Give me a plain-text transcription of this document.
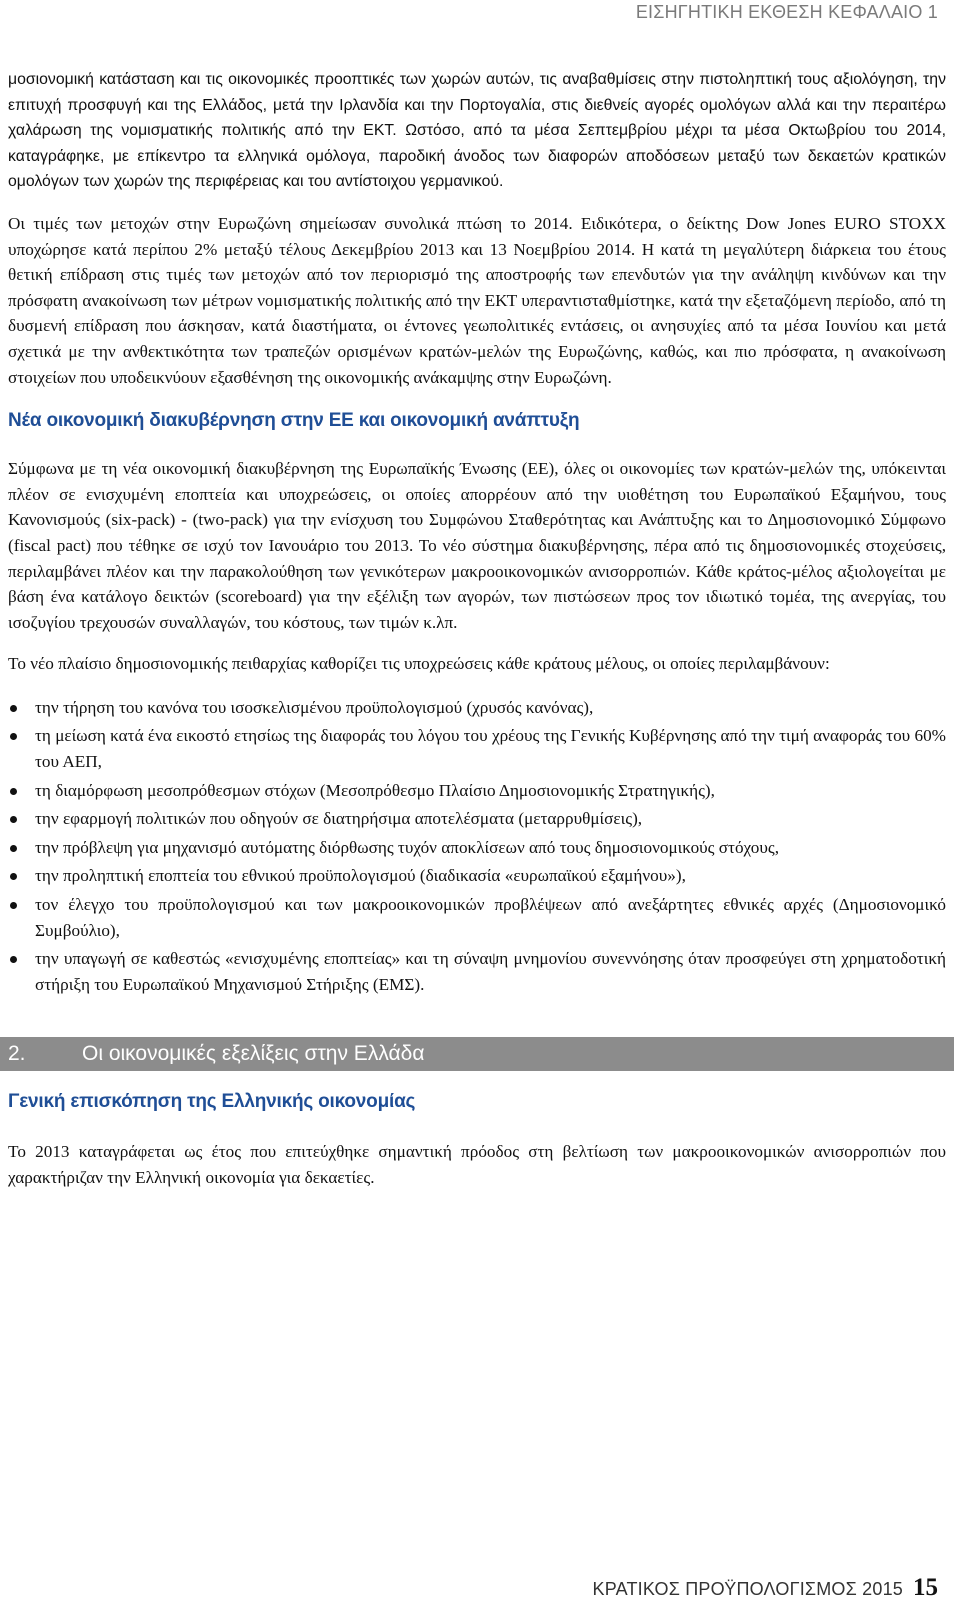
ΕΙΣΗΓΗΤΙΚΗ ΕΚΘΕΣΗ ΚΕΦΑΛΑΙΟ 1

μοσιονομική κατάσταση και τις οικονομικές προοπτικές των χωρών αυτών, τις αναβαθμίσεις στην πιστοληπτική τους αξιολόγηση, την επιτυχή προσφυγή και της Ελλάδος, μετά την Ιρλανδία και την Πορτογαλία, στις διεθνείς αγορές ομολόγων αλλά και την περαιτέρω χαλάρωση της νομισματικής πολιτικής από την ΕΚΤ. Ωστόσο, από τα μέσα Σεπτεμβρίου μέχρι τα μέσα Οκτωβρίου του 2014, καταγράφηκε, με επίκεντρο τα ελληνικά ομόλογα, παροδική άνοδος των διαφορών αποδόσεων μεταξύ των δεκαετών κρατικών ομολόγων των χωρών της περιφέρειας και του αντίστοιχου γερμανικού.

Οι τιμές των μετοχών στην Ευρωζώνη σημείωσαν συνολικά πτώση το 2014. Ειδικότερα, ο δείκτης Dow Jones EURO STOXX υποχώρησε κατά περίπου 2% μεταξύ τέλους Δεκεμβρίου 2013 και 13 Νοεμβρίου 2014. Η κατά τη μεγαλύτερη διάρκεια του έτους θετική επίδραση στις τιμές των μετοχών από τον περιορισμό της αποστροφής των επενδυτών για την ανάληψη κινδύνων και την πρόσφατη ανακοίνωση των μέτρων νομισματικής πολιτικής από την ΕΚΤ υπεραντισταθμίστηκε, κατά την εξεταζόμενη περίοδο, από τη δυσμενή επίδραση που άσκησαν, κατά διαστήματα, οι έντονες γεωπολιτικές εντάσεις, οι ανησυχίες από τα μέσα Ιουνίου και μετά σχετικά με την ανθεκτικότητα των τραπεζών ορισμένων κρατών-μελών της Ευρωζώνης, καθώς, και πιο πρόσφατα, η ανακοίνωση στοιχείων που υποδεικνύουν εξασθένηση της οικονομικής ανάκαμψης στην Ευρωζώνη.

Νέα οικονομική διακυβέρνηση στην ΕΕ και οικονομική ανάπτυξη

Σύμφωνα με τη νέα οικονομική διακυβέρνηση της Ευρωπαϊκής Ένωσης (ΕΕ), όλες οι οικονομίες των κρατών-μελών της, υπόκεινται πλέον σε ενισχυμένη εποπτεία και υποχρεώσεις, οι οποίες απορρέουν από την υιοθέτηση του Ευρωπαϊκού Εξαμήνου, τους Κανονισμούς (six-pack) - (two-pack) για την ενίσχυση του Συμφώνου Σταθερότητας και Ανάπτυξης και το Δημοσιονομικό Σύμφωνο (fiscal pact) που τέθηκε σε ισχύ τον Ιανουάριο του 2013. Το νέο σύστημα διακυβέρνησης, πέρα από τις δημοσιονομικές στοχεύσεις, περιλαμβάνει πλέον και την παρακολούθηση των γενικότερων μακροοικονομικών ανισορροπιών. Κάθε κράτος-μέλος αξιολογείται με βάση ένα κατάλογο δεικτών (scoreboard) για την εξέλιξη των αγορών, των πιστώσεων προς τον ιδιωτικό τομέα, της ανεργίας, του ισοζυγίου τρεχουσών συναλλαγών, του κόστους, των τιμών κ.λπ.

Το νέο πλαίσιο δημοσιονομικής πειθαρχίας καθορίζει τις υποχρεώσεις κάθε κράτους μέλους, οι οποίες περιλαμβάνουν:

την τήρηση του κανόνα του ισοσκελισμένου προϋπολογισμού (χρυσός κανόνας),
τη μείωση κατά ένα εικοστό ετησίως της διαφοράς του λόγου του χρέους της Γενικής Κυβέρνησης από την τιμή αναφοράς του 60% του ΑΕΠ,
τη διαμόρφωση μεσοπρόθεσμων στόχων (Μεσοπρόθεσμο Πλαίσιο Δημοσιονομικής Στρατηγικής),
την εφαρμογή πολιτικών που οδηγούν σε διατηρήσιμα αποτελέσματα (μεταρρυθμίσεις),
την πρόβλεψη για μηχανισμό αυτόματης διόρθωσης τυχόν αποκλίσεων από τους δημοσιονομικούς στόχους,
την προληπτική εποπτεία του εθνικού προϋπολογισμού (διαδικασία «ευρωπαϊκού εξαμήνου»),
τον έλεγχο του προϋπολογισμού και των μακροοικονομικών προβλέψεων από ανεξάρτητες εθνικές αρχές (Δημοσιονομικό Συμβούλιο),
την υπαγωγή σε καθεστώς «ενισχυμένης εποπτείας» και τη σύναψη μνημονίου συνεννόησης όταν προσφεύγει στη χρηματοδοτική στήριξη του Ευρωπαϊκού Μηχανισμού Στήριξης (ΕΜΣ).
2.	Οι οικονομικές εξελίξεις στην Ελλάδα
Γενική επισκόπηση της Ελληνικής οικονομίας

Το 2013 καταγράφεται ως έτος που επιτεύχθηκε σημαντική πρόοδος στη βελτίωση των μακροοικονομικών ανισορροπιών που χαρακτήριζαν την Ελληνική οικονομία για δεκαετίες.

ΚΡΑΤΙΚΟΣ ΠΡΟΫΠΟΛΟΓΙΣΜΟΣ 2015 15
